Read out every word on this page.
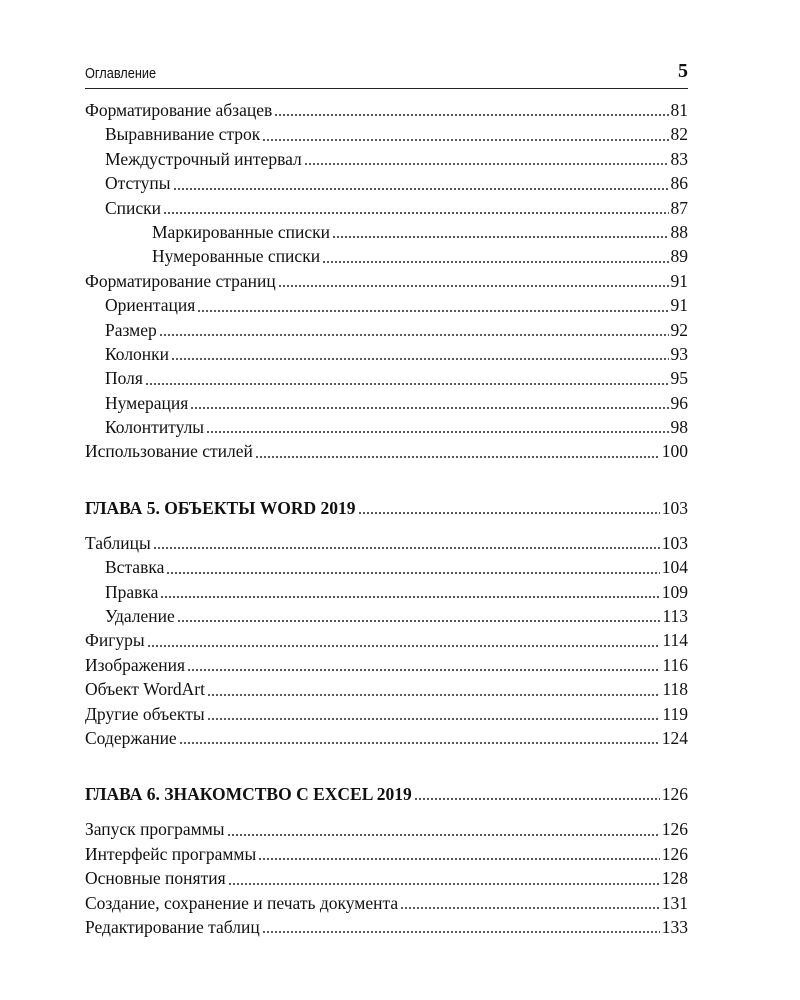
Оглавление	5
Форматирование абзацев	81
Выравнивание строк	82
Междустрочный интервал	83
Отступы	86
Списки	87
Маркированные списки	88
Нумерованные списки	89
Форматирование страниц	91
Ориентация	91
Размер	92
Колонки	93
Поля	95
Нумерация	96
Колонтитулы	98
Использование стилей	100
ГЛАВА 5. ОБЪЕКТЫ WORD 2019	103
Таблицы	103
Вставка	104
Правка	109
Удаление	113
Фигуры	114
Изображения	116
Объект WordArt	118
Другие объекты	119
Содержание	124
ГЛАВА 6. ЗНАКОМСТВО С EXCEL 2019	126
Запуск программы	126
Интерфейс программы	126
Основные понятия	128
Создание, сохранение и печать документа	131
Редактирование таблиц	133
